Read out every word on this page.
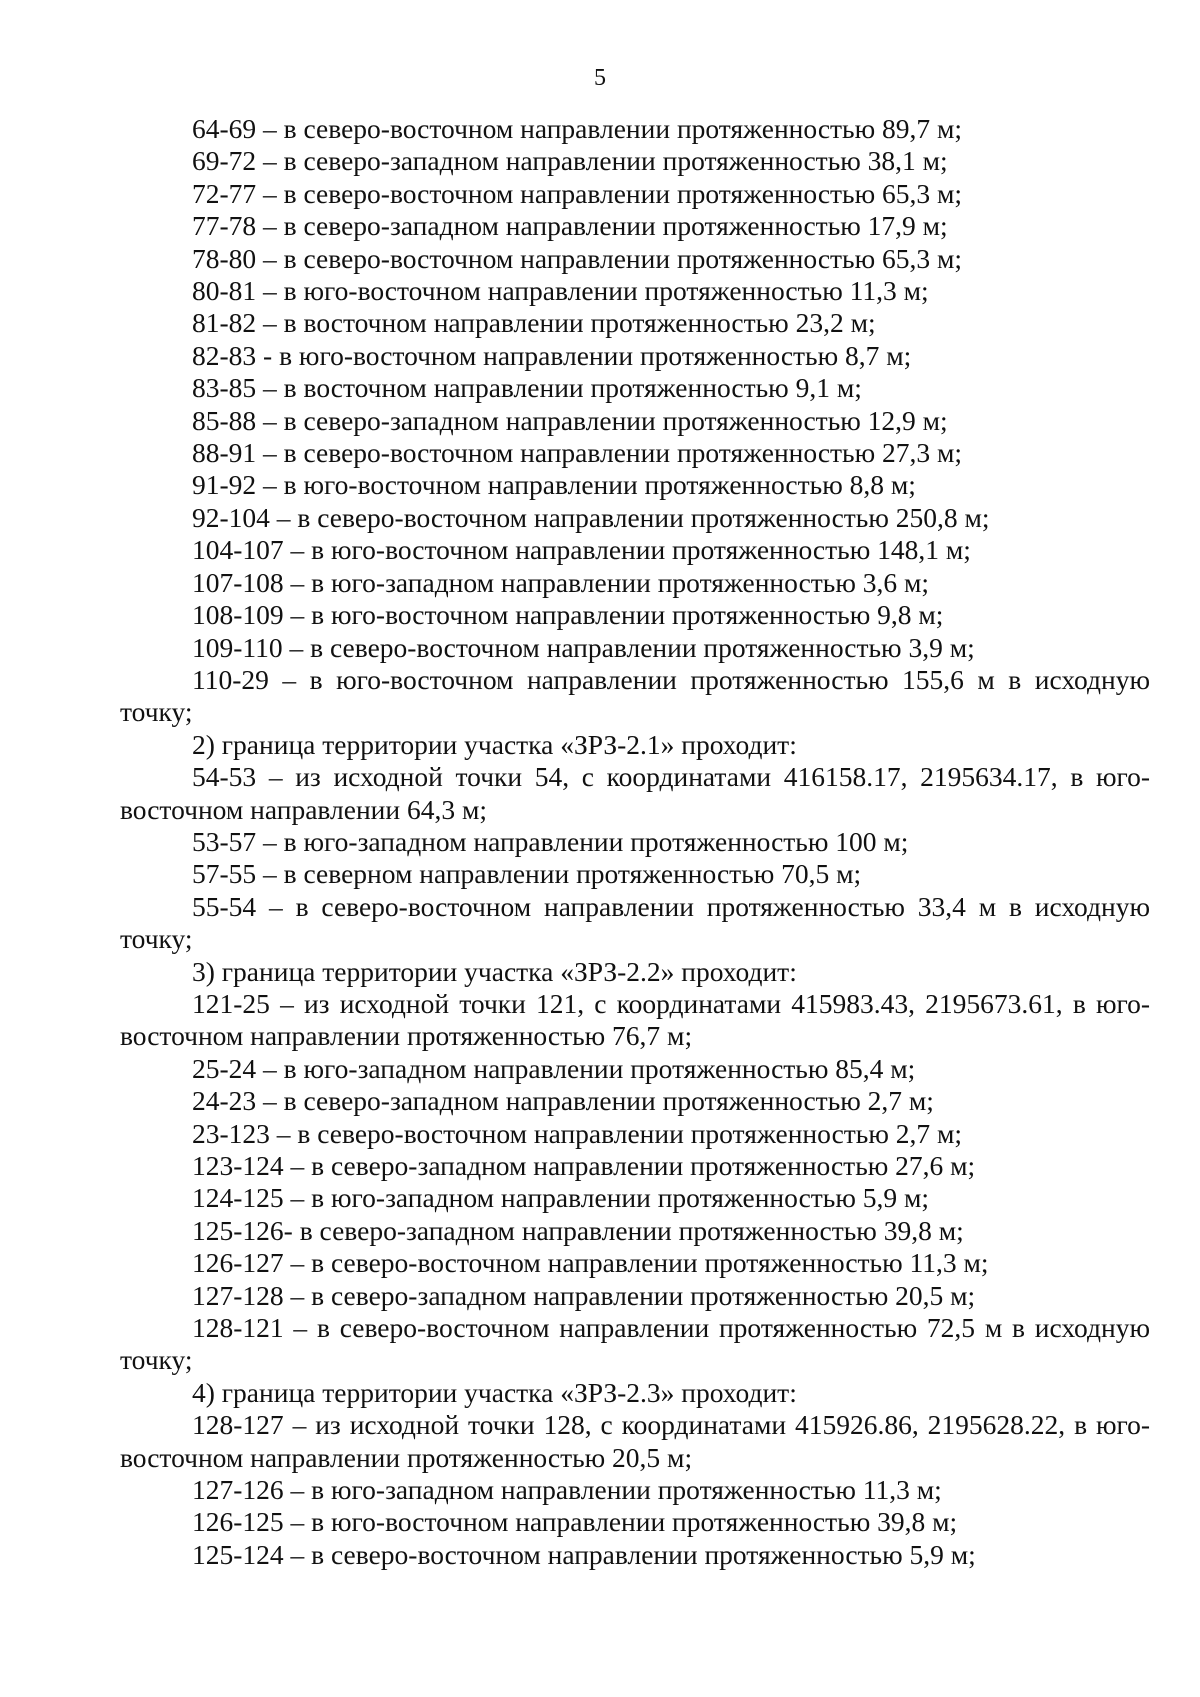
5
64-69 – в северо-восточном направлении протяженностью 89,7 м;
69-72 – в северо-западном направлении протяженностью 38,1 м;
72-77 – в северо-восточном направлении протяженностью 65,3 м;
77-78 – в северо-западном направлении протяженностью 17,9 м;
78-80 – в северо-восточном направлении протяженностью 65,3 м;
80-81 – в юго-восточном направлении протяженностью 11,3 м;
81-82 – в восточном направлении протяженностью 23,2 м;
82-83 - в юго-восточном направлении протяженностью 8,7 м;
83-85 – в восточном направлении протяженностью 9,1 м;
85-88 – в северо-западном направлении протяженностью 12,9 м;
88-91 – в северо-восточном направлении протяженностью 27,3 м;
91-92 – в юго-восточном направлении протяженностью 8,8 м;
92-104 – в северо-восточном направлении протяженностью 250,8 м;
104-107 – в юго-восточном направлении протяженностью 148,1 м;
107-108 – в юго-западном направлении протяженностью 3,6 м;
108-109 – в юго-восточном направлении протяженностью 9,8 м;
109-110 – в северо-восточном направлении протяженностью 3,9 м;
110-29 – в юго-восточном направлении протяженностью 155,6 м в исходную точку;
2) граница территории участка «ЗРЗ-2.1» проходит:
54-53 – из исходной точки 54, с координатами 416158.17, 2195634.17, в юго-восточном направлении 64,3 м;
53-57 – в юго-западном направлении протяженностью 100 м;
57-55 – в северном направлении протяженностью 70,5 м;
55-54 – в северо-восточном направлении протяженностью 33,4 м в исходную точку;
3) граница территории участка «ЗРЗ-2.2» проходит:
121-25 – из исходной точки 121, с координатами 415983.43, 2195673.61, в юго-восточном направлении протяженностью 76,7 м;
25-24 – в юго-западном направлении протяженностью 85,4 м;
24-23 – в северо-западном направлении протяженностью 2,7 м;
23-123 – в северо-восточном направлении протяженностью 2,7 м;
123-124 – в северо-западном направлении протяженностью 27,6 м;
124-125 – в юго-западном направлении протяженностью 5,9 м;
125-126- в северо-западном направлении протяженностью 39,8 м;
126-127 – в северо-восточном направлении протяженностью 11,3 м;
127-128 – в северо-западном направлении протяженностью 20,5 м;
128-121 – в северо-восточном направлении протяженностью 72,5 м в исходную точку;
4) граница территории участка «ЗРЗ-2.3» проходит:
128-127 – из исходной точки 128, с координатами 415926.86, 2195628.22, в юго-восточном направлении протяженностью 20,5 м;
127-126 – в юго-западном направлении протяженностью 11,3 м;
126-125 – в юго-восточном направлении протяженностью 39,8 м;
125-124 – в северо-восточном направлении протяженностью 5,9 м;
